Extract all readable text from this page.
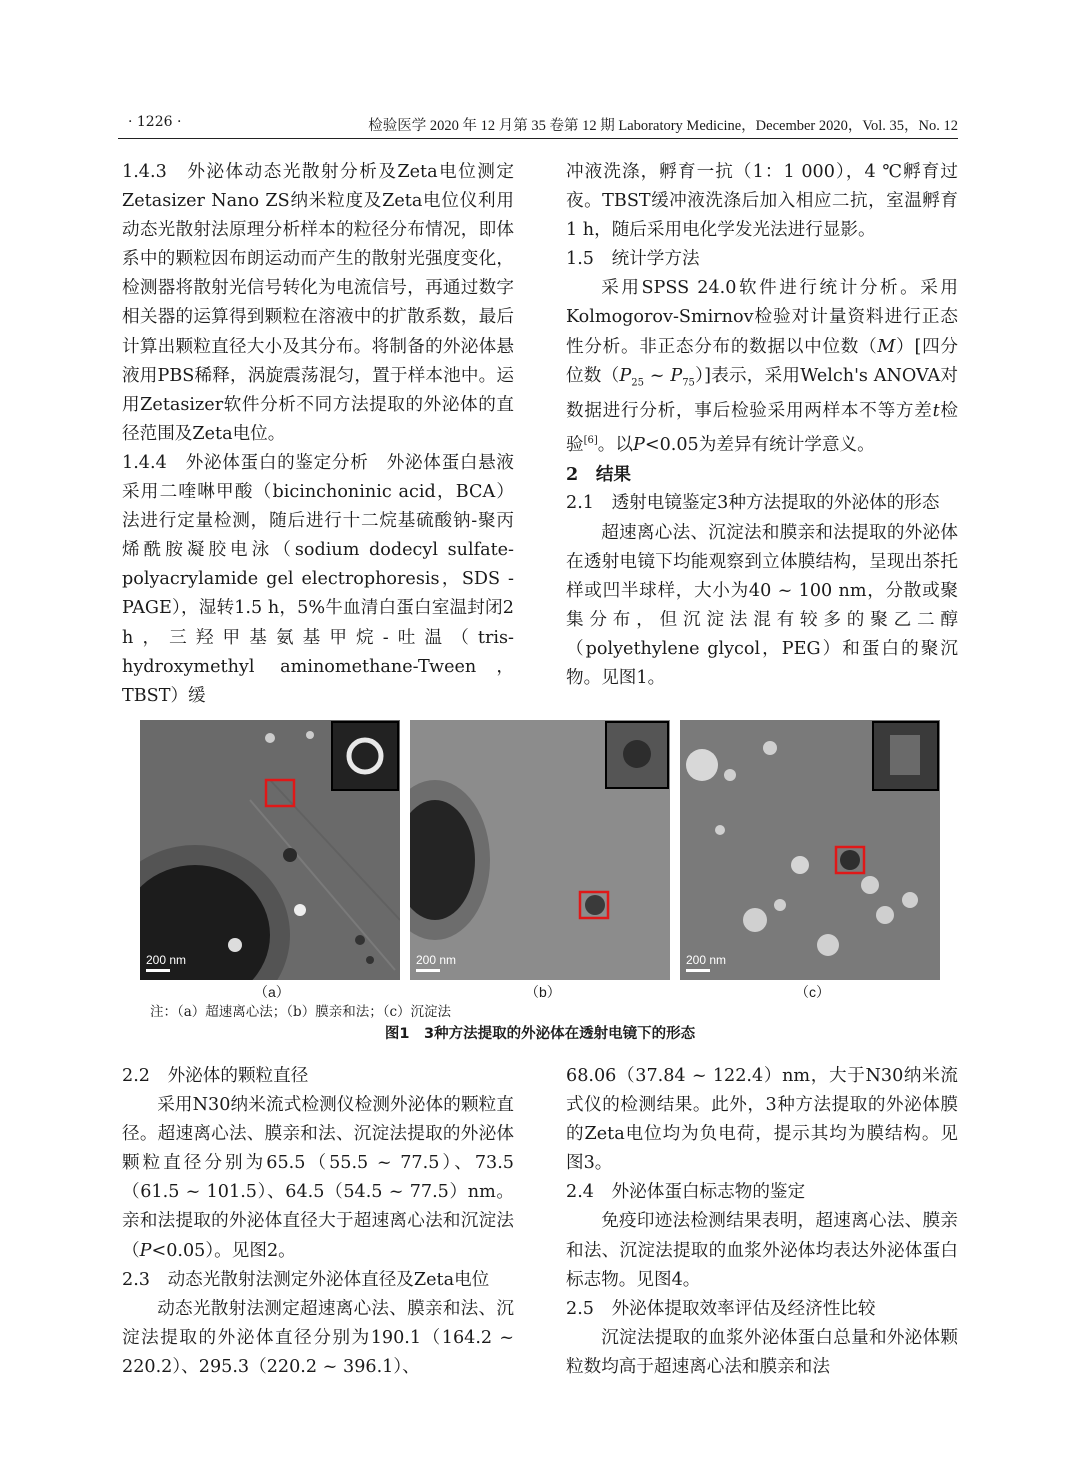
· 1226 ·	检验医学 2020 年 12 月第 35 卷第 12 期 Laboratory Medicine，December 2020，Vol. 35，No. 12

1.4.3　外泌体动态光散射分析及Zeta电位测定　Zetasizer Nano ZS纳米粒度及Zeta电位仪利用动态光散射法原理分析样本的粒径分布情况，即体系中的颗粒因布朗运动而产生的散射光强度变化，检测器将散射光信号转化为电流信号，再通过数字相关器的运算得到颗粒在溶液中的扩散系数，最后计算出颗粒直径大小及其分布。将制备的外泌体悬液用PBS稀释，涡旋震荡混匀，置于样本池中。运用Zetasizer软件分析不同方法提取的外泌体的直径范围及Zeta电位。

1.4.4　外泌体蛋白的鉴定分析　外泌体蛋白悬液采用二喹啉甲酸（bicinchoninic acid，BCA）法进行定量检测，随后进行十二烷基硫酸钠-聚丙烯酰胺凝胶电泳（sodium dodecyl sulfate-polyacrylamide gel electrophoresis，SDS -PAGE），湿转1.5 h，5%牛血清白蛋白室温封闭2 h，三羟甲基氨基甲烷-吐温（tris-hydroxymethyl aminomethane-Tween，TBST）缓

冲液洗涤，孵育一抗（1：1 000），4 ℃孵育过夜。TBST缓冲液洗涤后加入相应二抗，室温孵育1 h，随后采用电化学发光法进行显影。

1.5　统计学方法

采用SPSS 24.0软件进行统计分析。采用Kolmogorov-Smirnov检验对计量资料进行正态性分析。非正态分布的数据以中位数（M）[四分位数（$P_{25}$ ~ $P_{75}$）]表示，采用Welch's ANOVA对数据进行分析，事后检验采用两样本不等方差t检验[6]。以P<0.05为差异有统计学意义。

2　结果

2.1　透射电镜鉴定3种方法提取的外泌体的形态

超速离心法、沉淀法和膜亲和法提取的外泌体在透射电镜下均能观察到立体膜结构，呈现出茶托样或凹半球样，大小为40 ~ 100 nm，分散或聚集分布，但沉淀法混有较多的聚乙二醇（polyethylene glycol，PEG）和蛋白的聚沉物。见图1。

200 nm	200 nm	200 nm
（a）	（b）	（c）
注：（a）超速离心法；（b）膜亲和法；（c）沉淀法
图1　3种方法提取的外泌体在透射电镜下的形态

2.2　外泌体的颗粒直径

采用N30纳米流式检测仪检测外泌体的颗粒直径。超速离心法、膜亲和法、沉淀法提取的外泌体颗粒直径分别为65.5（55.5 ~ 77.5）、73.5（61.5 ~ 101.5）、64.5（54.5 ~ 77.5）nm。亲和法提取的外泌体直径大于超速离心法和沉淀法（P<0.05）。见图2。

2.3　动态光散射法测定外泌体直径及Zeta电位

动态光散射法测定超速离心法、膜亲和法、沉淀法提取的外泌体直径分别为190.1（164.2 ~ 220.2）、295.3（220.2 ~ 396.1）、

68.06（37.84 ~ 122.4）nm，大于N30纳米流式仪的检测结果。此外，3种方法提取的外泌体膜的Zeta电位均为负电荷，提示其均为膜结构。见图3。

2.4　外泌体蛋白标志物的鉴定

免疫印迹法检测结果表明，超速离心法、膜亲和法、沉淀法提取的血浆外泌体均表达外泌体蛋白标志物。见图4。

2.5　外泌体提取效率评估及经济性比较

沉淀法提取的血浆外泌体蛋白总量和外泌体颗粒数均高于超速离心法和膜亲和法
